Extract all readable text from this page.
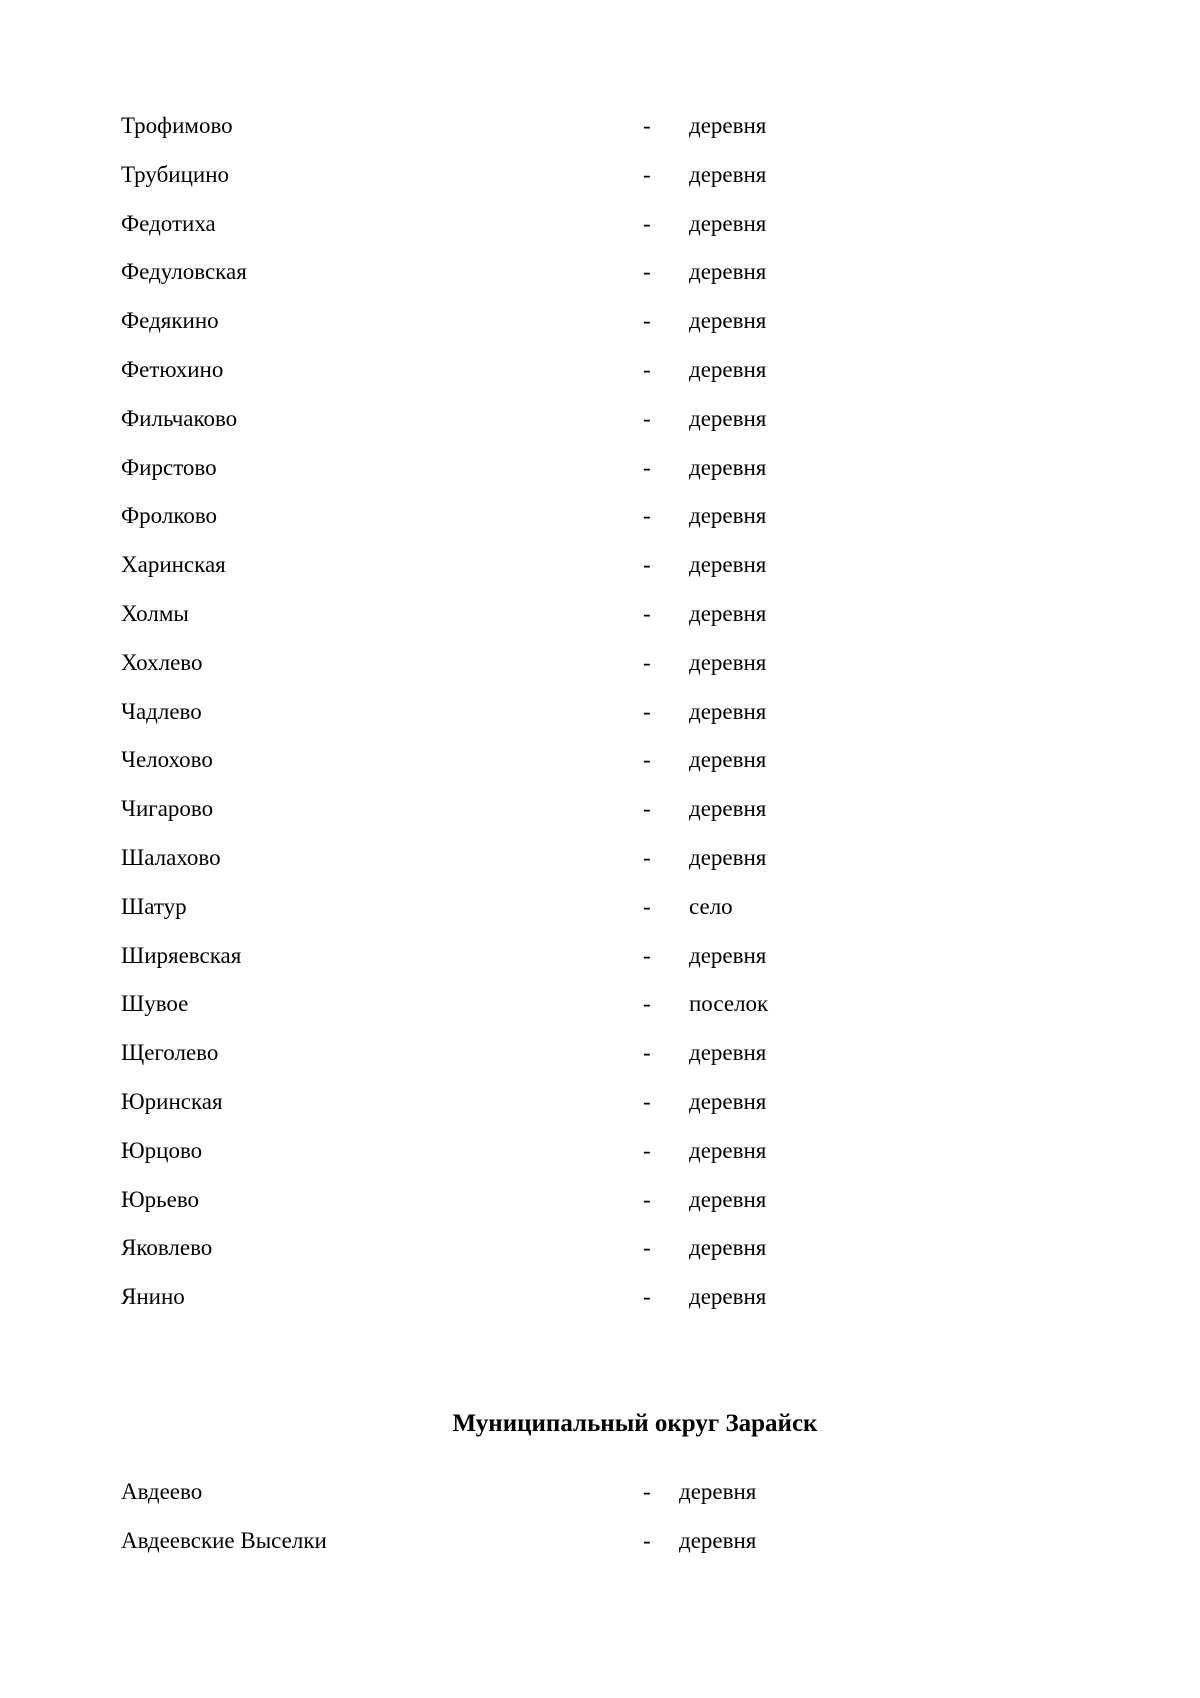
Трофимово	- деревня
Трубицино	- деревня
Федотиха	- деревня
Федуловская	- деревня
Федякино	- деревня
Фетюхино	- деревня
Фильчаково	- деревня
Фирстово	- деревня
Фролково	- деревня
Харинская	- деревня
Холмы	- деревня
Хохлево	- деревня
Чадлево	- деревня
Челохово	- деревня
Чигарово	- деревня
Шалахово	- деревня
Шатур	- село
Ширяевская	- деревня
Шувое	- поселок
Щеголево	- деревня
Юринская	- деревня
Юрцово	- деревня
Юрьево	- деревня
Яковлево	- деревня
Янино	- деревня
Муниципальный округ Зарайск
Авдеево	- деревня
Авдеевские Выселки	- деревня
